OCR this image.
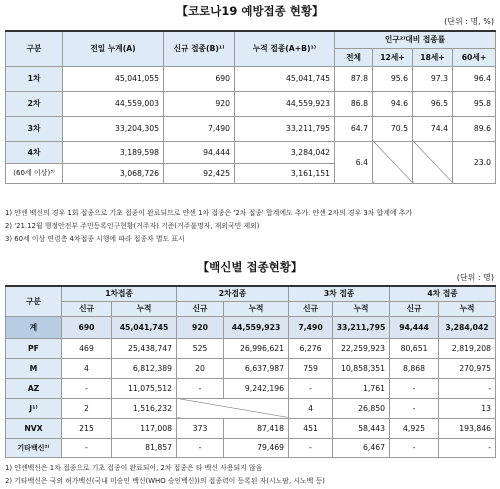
【코로나19 예방접종 현황】
(단위 : 명, %)
구분	전일 누계(A)	신규 접종(B)¹⁾	누적 접종(A+B)¹⁾	인구²⁾대비 접종률			
				전체	12세+	18세+	60세+
1차	45,041,055	690	45,041,745	87.8	95.6	97.3	96.4
2차	44,559,003	920	44,559,923	86.8	94.6	96.5	95.8
3차	33,204,305	7,490	33,211,795	64.7	70.5	74.4	89.6
4차	3,189,598	94,444	3,284,042	6.4			23.0
(60세 이상)³⁾	3,068,726	92,425	3,161,151				
1) 얀센 백신의 경우 1회 접종으로 기초 접종이 완료되므로 얀센 1차 접종은 '2차 접종' 합계에도 추가. 얀센 2차의 경우 3차 합계에 추가
2) '21.12월 행정안전부 주민등록인구현황(거주자) 기준(거주불명자, 재외국민 제외)
3) 60세 이상 연령층 4차접종 시행에 따라 접종자 별도 표시
【백신별 접종현황】
(단위 : 명)
구분	1차접종		2차접종		3차 접종		4차 접종	
	신규	누적	신규	누적	신규	누적	신규	누적
계	690	45,041,745	920	44,559,923	7,490	33,211,795	94,444	3,284,042
PF	469	25,438,747	525	26,996,621	6,276	22,259,923	80,651	2,819,208
M	4	6,812,389	20	6,637,987	759	10,858,351	8,868	270,975
AZ	-	11,075,512	-	9,242,196	-	1,761	-	-
J¹⁾	2	1,516,232			4	26,850	-	13
NVX	215	117,008	373	87,418	451	58,443	4,925	193,846
기타백신²⁾	-	81,857	-	79,469	-	6,467	-	-
1) 얀센백신은 1차 접종으로 기초 접종이 완료되어, 2차 접종은 타 백신 사용되지 않음
2) 기타백신은 국외 허가백신(국내 미승인 백신(WHO 승인백신))의 접종력이 등록된 자(시노팜, 시노백 등)
